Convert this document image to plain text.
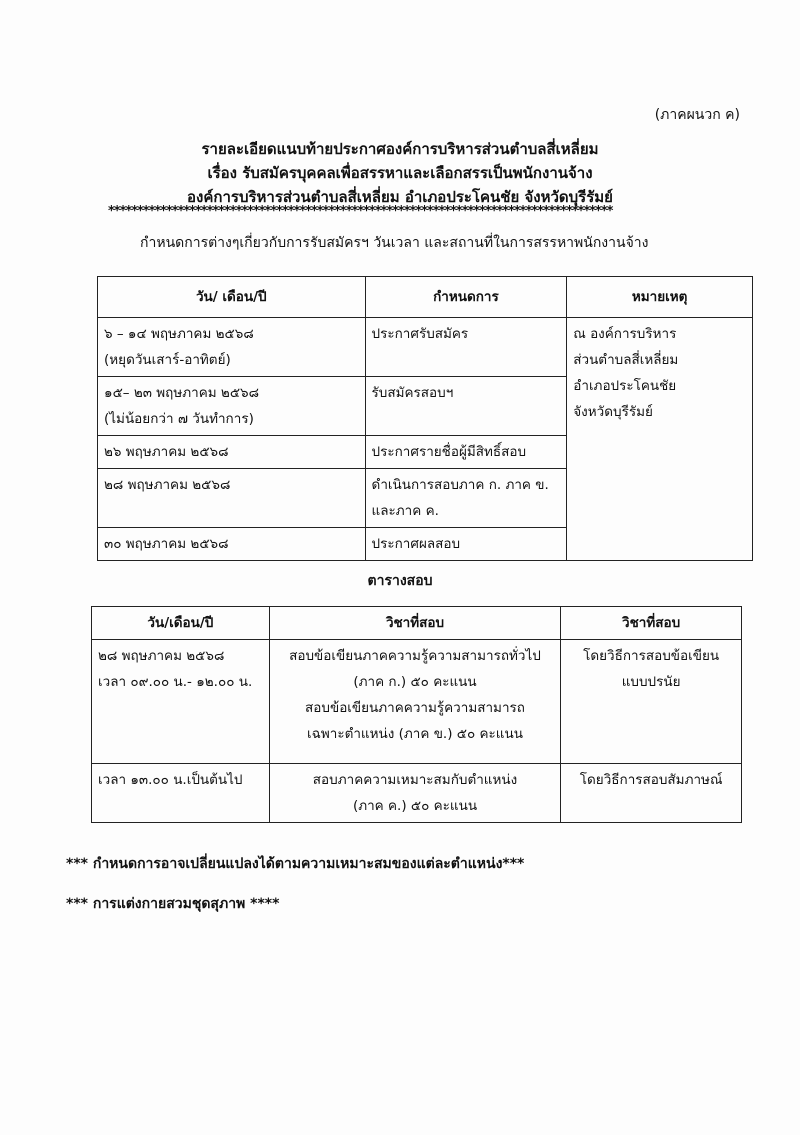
(ภาคผนวก ค)
รายละเอียดแนบท้ายประกาศองค์การบริหารส่วนตำบลสี่เหลี่ยม
เรื่อง รับสมัครบุคคลเพื่อสรรหาและเลือกสรรเป็นพนักงานจ้าง
องค์การบริหารส่วนตำบลสี่เหลี่ยม อำเภอประโคนชัย จังหวัดบุรีรัมย์
***************************************************************************************
กำหนดการต่างๆเกี่ยวกับการรับสมัครฯ วันเวลา และสถานที่ในการสรรหาพนักงานจ้าง
วัน/ เดือน/ปี	กำหนดการ	หมายเหตุ

๖ – ๑๔ พฤษภาคม ๒๕๖๘
(หยุดวันเสาร์-อาทิตย์)	ประกาศรับสมัคร	ณ องค์การบริหาร
ส่วนตำบลสี่เหลี่ยม
อำเภอประโคนชัย
จังหวัดบุรีรัมย์

๑๕– ๒๓ พฤษภาคม ๒๕๖๘
(ไม่น้อยกว่า ๗ วันทำการ)	รับสมัครสอบฯ	

๒๖ พฤษภาคม ๒๕๖๘	ประกาศรายชื่อผู้มีสิทธิ์สอบ	

๒๘ พฤษภาคม ๒๕๖๘	ดำเนินการสอบภาค ก. ภาค ข.
และภาค ค.	

๓๐ พฤษภาคม ๒๕๖๘	ประกาศผลสอบ	
ตารางสอบ
วัน/เดือน/ปี	วิชาที่สอบ	วิชาที่สอบ

๒๘ พฤษภาคม ๒๕๖๘
เวลา ๐๙.๐๐ น.- ๑๒.๐๐ น.	สอบข้อเขียนภาคความรู้ความสามารถทั่วไป
(ภาค ก.) ๕๐ คะแนน
สอบข้อเขียนภาคความรู้ความสามารถ
เฉพาะตำแหน่ง (ภาค ข.) ๕๐ คะแนน	โดยวิธีการสอบข้อเขียน
แบบปรนัย

เวลา ๑๓.๐๐ น.เป็นต้นไป	สอบภาคความเหมาะสมกับตำแหน่ง
(ภาค ค.) ๕๐ คะแนน	โดยวิธีการสอบสัมภาษณ์
*** กำหนดการอาจเปลี่ยนแปลงได้ตามความเหมาะสมของแต่ละตำแหน่ง***
*** การแต่งกายสวมชุดสุภาพ ****
